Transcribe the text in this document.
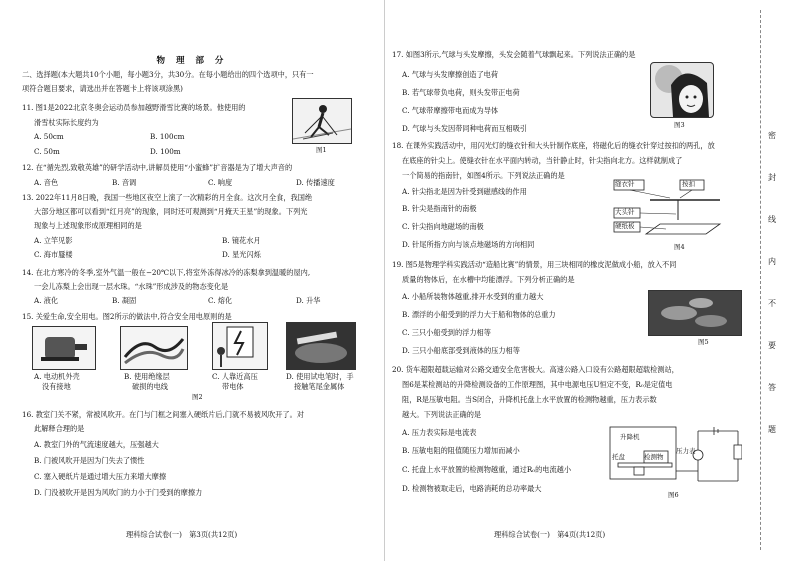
物 理 部 分
二、选择题(本大题共10个小题，每小题3分，共30分。在每小题给出的四个选项中，只有一
项符合题目要求，请选出并在答题卡上将该项涂黑)
11. 图1是2022北京冬奥会运动员参加越野滑雪比赛的场景。他使用的
滑雪杖实际长度约为
A. 50cm	B. 100cm
C. 50m	D. 100m	图1
12. 在“循先烈,致敬英雄”的研学活动中,讲解员使用“小蜜蜂”扩音器是为了增大声音的
A. 音色	B. 音调	C. 响度	D. 传播速度
13. 2022年11月8日晚，我国一些地区夜空上演了一次精彩的月全食。这次月全食，我国绝
大部分地区都可以看到“红月亮”的现象，同时还可观测到“月掩天王星”的现象。下列光
现象与上述现象形成原理相同的是
A. 立竿见影	B. 镜花水月
C. 海市蜃楼	D. 星光闪烁
14. 在北方寒冷的冬季,室外气温一般在−20℃以下,将室外冻得冰冷的冻梨拿到温暖的屋内,
一会儿冻梨上会出现一层水珠。“水珠”形成涉及的物态变化是
A. 液化	B. 凝固	C. 熔化	D. 升华
15. 关爱生命,安全用电。图2所示的做法中,符合安全用电原则的是
A. 电动机外壳
没有接地
B. 使用绝缘层
破损的电线
C. 人靠近高压
带电体
D. 使用试电笔时，手
接触笔尾金属体
图2
16. 教室门关不紧，常被风吹开。在门与门框之间塞入硬纸片后,门就不易被风吹开了。对
此解释合理的是
A. 教室门外的气流速度越大，压强越大
B. 门被风吹开是因为门失去了惯性
C. 塞入硬纸片是通过增大压力来增大摩擦
D. 门没被吹开是因为风吹门的力小于门受到的摩擦力
理科综合试卷(一)　第3页(共12页)
17. 如图3所示,气球与头发摩擦，头发会随着气球飘起来。下列说法正确的是
A. 气球与头发摩擦创造了电荷
B. 若气球带负电荷，则头发带正电荷
C. 气球带摩擦带电而成为导体
D. 气球与头发因带同种电荷而互相吸引	图3
18. 在课外实践活动中，用闪光灯的缝衣针和大头针制作底座，将磁化后的缝衣针穿过按扣的两孔，放
在底座的针尖上。使缝衣针在水平面内转动，当针静止时，针尖指向北方。这样就制成了
一个简易的指南针，如图4所示。下列说法正确的是
A. 针尖指北是因为针受到磁感线的作用
B. 针尖是指南针的南极
C. 针尖指向地磁场的南极
D. 针尾所指方向与该点地磁场的方向相同
缝衣针	按扣
大头针
硬纸板
图4
19. 图5是物理学科实践活动“造船比赛”的情景，用三块相同的橡皮泥做成小船，放入不同
质量的物体后，在水槽中均能漂浮。下列分析正确的是
A. 小船所装物体越重,排开水受到的重力越大
B. 漂浮的小船受到的浮力大于船和物体的总重力
C. 三只小船受到的浮力相等
D. 三只小船底部受到液体的压力相等
图5
20. 货车超限超载运输对公路交通安全危害极大。高速公路入口设有公路超限超载检测站，
图6是某检测站的升降检测设备的工作原理图，其中电源电压U恒定不变，R₀是定值电
阻，R是压敏电阻。当S闭合，升降机托盘上水平放置的检测物越重，压力表示数
越大。下列说法正确的是
A. 压力表实际是电流表
B. 压敏电阻的阻值随压力增加而减小
C. 托盘上水平放置的检测物越重，通过R₀的电流越小
D. 检测物被取走后，电路消耗的总功率最大
升降机
托盘	检测物
压力表
图6
理科综合试卷(一)　第4页(共12页)
密
封
线
内
不
要
答
题
